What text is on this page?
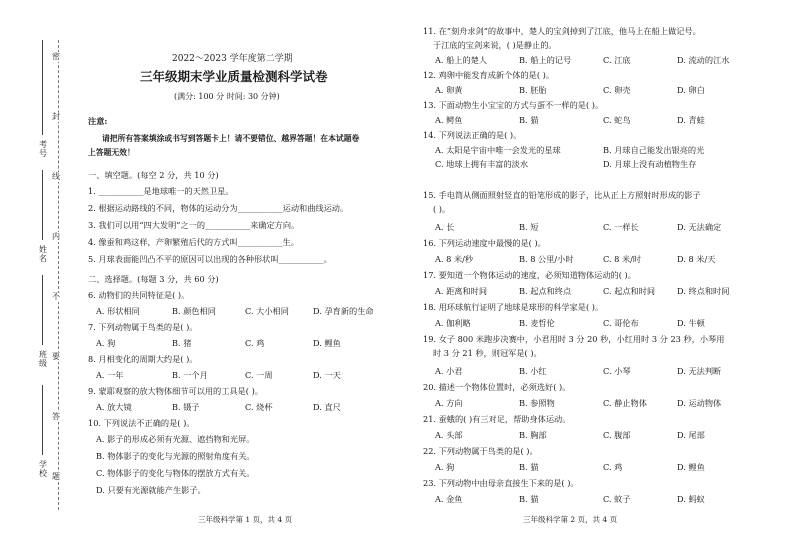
密
封
线
内
不
要
答
题
考号
姓名
班级
学校
2022～2023 学年度第二学期
三年级期末学业质量检测科学试卷
(满分: 100 分 时间: 30 分钟)
注意:
请把所有答案填涂或书写到答题卡上！请不要错位、越界答题！在本试题卷
上答题无效！
一、填空题。(每空 2 分，共 10 分)
1. ___________是地球唯一的天然卫星。
2. 根据运动路线的不同，物体的运动分为___________运动和曲线运动。
3. 我们可以用“四大发明”之一的___________来确定方向。
4. 像蚕和鸡这样，产卵繁殖后代的方式叫___________生。
5. 月球表面能凹凸不平的原因可以出现的各种形状叫___________。
二、选择题。(每题 3 分，共 60 分)
6. 动物们的共同特征是( )。
A. 形状相同	B. 颜色相同	C. 大小相同	D. 孕育新的生命
7. 下列动物属于鸟类的是( )。
A. 狗	B. 猪	C. 鸡	D. 鲤鱼
8. 月相变化的周期大约是( )。
A. 一年	B. 一个月	C. 一周	D. 一天
9. 蒙耶观察的放大物体细节可以用的工具是( )。
A. 放大镜	B. 镊子	C. 烧杯	D. 直尺
10. 下列说法不正确的是( )。
A. 影子的形成必须有光源、遮挡物和光屏。
B. 物体影子的变化与光源的照射角度有关。
C. 物体影子的变化与物体的摆放方式有关。
D. 只要有光源就能产生影子。
三年级科学第 1 页，共 4 页
11. 在“刻舟求剑”的故事中，楚人的宝剑掉到了江底，他马上在船上做记号。
于江底的宝剑来说，( )是静止的。
A. 船上的楚人	B. 船上的记号	C. 江底	D. 流动的江水
12. 鸡卵中能发育成新个体的是( )。
A. 卵黄	B. 胚胎	C. 卵壳	D. 卵白
13. 下面动物生小宝宝的方式与蛋不一样的是( )。
A. 鳄鱼	B. 猫	C. 蛇鸟	D. 青蛙
14. 下列说法正确的是( )。
A. 太阳是宇宙中唯一会发光的星球	B. 月球自己能发出银亮的光
C. 地球上拥有丰富的淡水	D. 月球上没有动植物生存
15. 手电筒从侧面照射竖直的铅笔形成的影子，比从正上方照射时形成的影子
( )。
A. 长	B. 短	C. 一样长	D. 无法确定
16. 下列运动速度中最慢的是( )。
A. 8 米/秒	B. 8 公里/小时	C. 8 米/时	D. 8 米/天
17. 要知道一个物体运动的速度，必须知道物体运动的( )。
A. 距离和时间	B. 起点和终点	C. 起点和时间	D. 终点和时间
18. 用环球航行证明了地球是球形的科学家是( )。
A. 伽利略	B. 麦哲伦	C. 哥伦布	D. 牛顿
19. 女子 800 米跑步决赛中，小君用时 3 分 20 秒，小红用时 3 分 23 秒，小琴用
时 3 分 21 秒，则冠军是( )。
A. 小君	B. 小红	C. 小琴	D. 无法判断
20. 描述一个物体位置时，必须选好( )。
A. 方向	B. 参照物	C. 静止物体	D. 运动物体
21. 蚕蛾的( )有三对足，帮助身体运动。
A. 头部	B. 胸部	C. 腹部	D. 尾部
22. 下列动物属于鸟类的是( )。
A. 狗	B. 猫	C. 鸡	D. 鲤鱼
23. 下列动物中由母亲直接生下来的是( )。
A. 金鱼	B. 猫	C. 蚊子	D. 蚂蚁
三年级科学第 2 页，共 4 页
